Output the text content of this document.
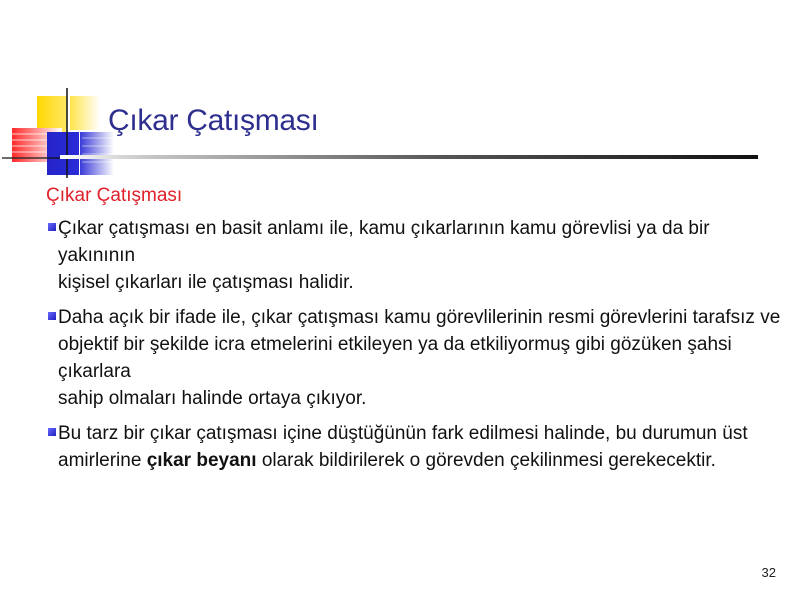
Çıkar Çatışması
Çıkar Çatışması

Çıkar çatışması en basit anlamı ile, kamu çıkarlarının kamu görevlisi ya da bir yakınının
kişisel çıkarları ile çatışması halidir.

Daha açık bir ifade ile, çıkar çatışması kamu görevlilerinin resmi görevlerini tarafsız ve
objektif bir şekilde icra etmelerini etkileyen ya da etkiliyormuş gibi gözüken şahsi çıkarlara
sahip olmaları halinde ortaya çıkıyor.

Bu tarz bir çıkar çatışması içine düştüğünün fark edilmesi halinde, bu durumun üst
amirlerine çıkar beyanı olarak bildirilerek o görevden çekilinmesi gerekecektir.

32
